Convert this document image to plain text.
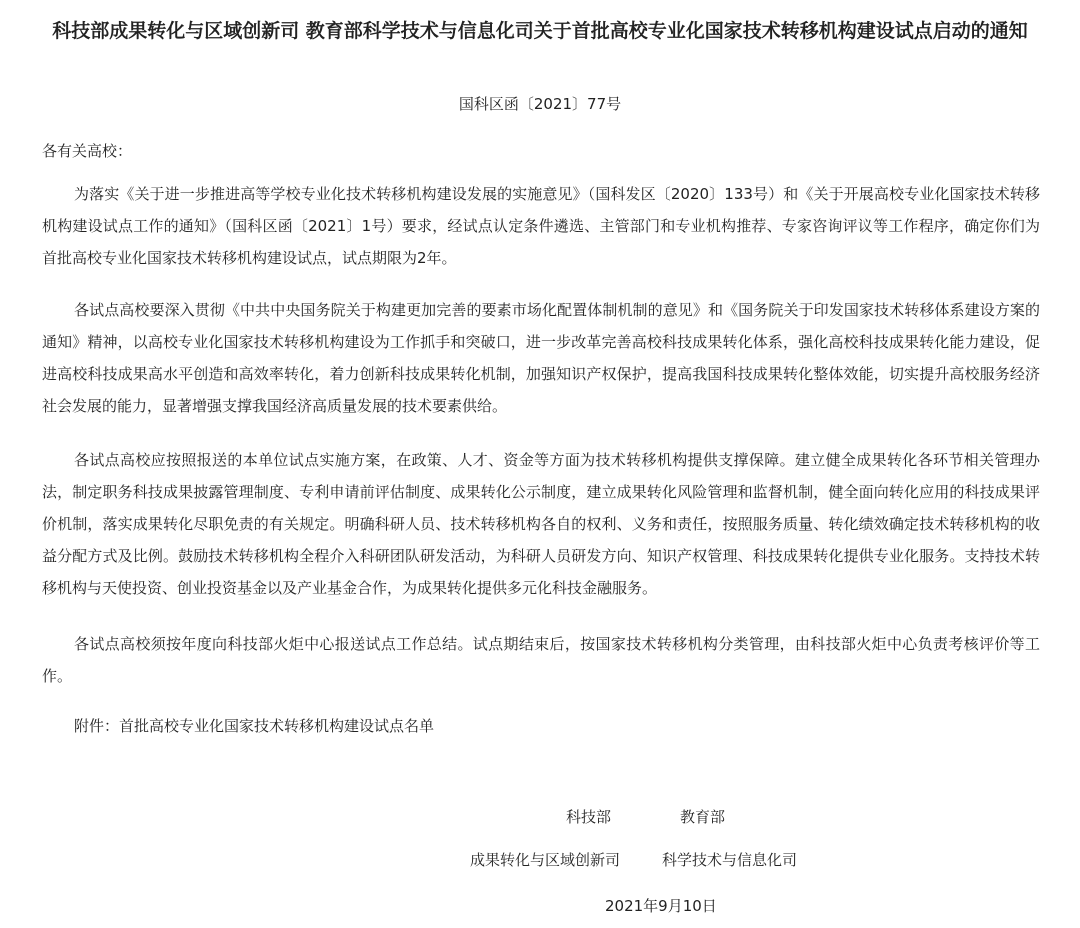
科技部成果转化与区域创新司 教育部科学技术与信息化司关于首批高校专业化国家技术转移机构建设试点启动的通知
国科区函〔2021〕77号
各有关高校：

为落实《关于进一步推进高等学校专业化技术转移机构建设发展的实施意见》（国科发区〔2020〕133号）和《关于开展高校专业化国家技术转移机构建设试点工作的通知》（国科区函〔2021〕1号）要求，经试点认定条件遴选、主管部门和专业机构推荐、专家咨询评议等工作程序，确定你们为首批高校专业化国家技术转移机构建设试点，试点期限为2年。

各试点高校要深入贯彻《中共中央国务院关于构建更加完善的要素市场化配置体制机制的意见》和《国务院关于印发国家技术转移体系建设方案的通知》精神，以高校专业化国家技术转移机构建设为工作抓手和突破口，进一步改革完善高校科技成果转化体系，强化高校科技成果转化能力建设，促进高校科技成果高水平创造和高效率转化，着力创新科技成果转化机制，加强知识产权保护，提高我国科技成果转化整体效能，切实提升高校服务经济社会发展的能力，显著增强支撑我国经济高质量发展的技术要素供给。

各试点高校应按照报送的本单位试点实施方案，在政策、人才、资金等方面为技术转移机构提供支撑保障。建立健全成果转化各环节相关管理办法，制定职务科技成果披露管理制度、专利申请前评估制度、成果转化公示制度，建立成果转化风险管理和监督机制，健全面向转化应用的科技成果评价机制，落实成果转化尽职免责的有关规定。明确科研人员、技术转移机构各自的权利、义务和责任，按照服务质量、转化绩效确定技术转移机构的收益分配方式及比例。鼓励技术转移机构全程介入科研团队研发活动，为科研人员研发方向、知识产权管理、科技成果转化提供专业化服务。支持技术转移机构与天使投资、创业投资基金以及产业基金合作，为成果转化提供多元化科技金融服务。

各试点高校须按年度向科技部火炬中心报送试点工作总结。试点期结束后，按国家技术转移机构分类管理，由科技部火炬中心负责考核评价等工作。

附件：首批高校专业化国家技术转移机构建设试点名单

科技部	教育部
成果转化与区域创新司	科学技术与信息化司
2021年9月10日
